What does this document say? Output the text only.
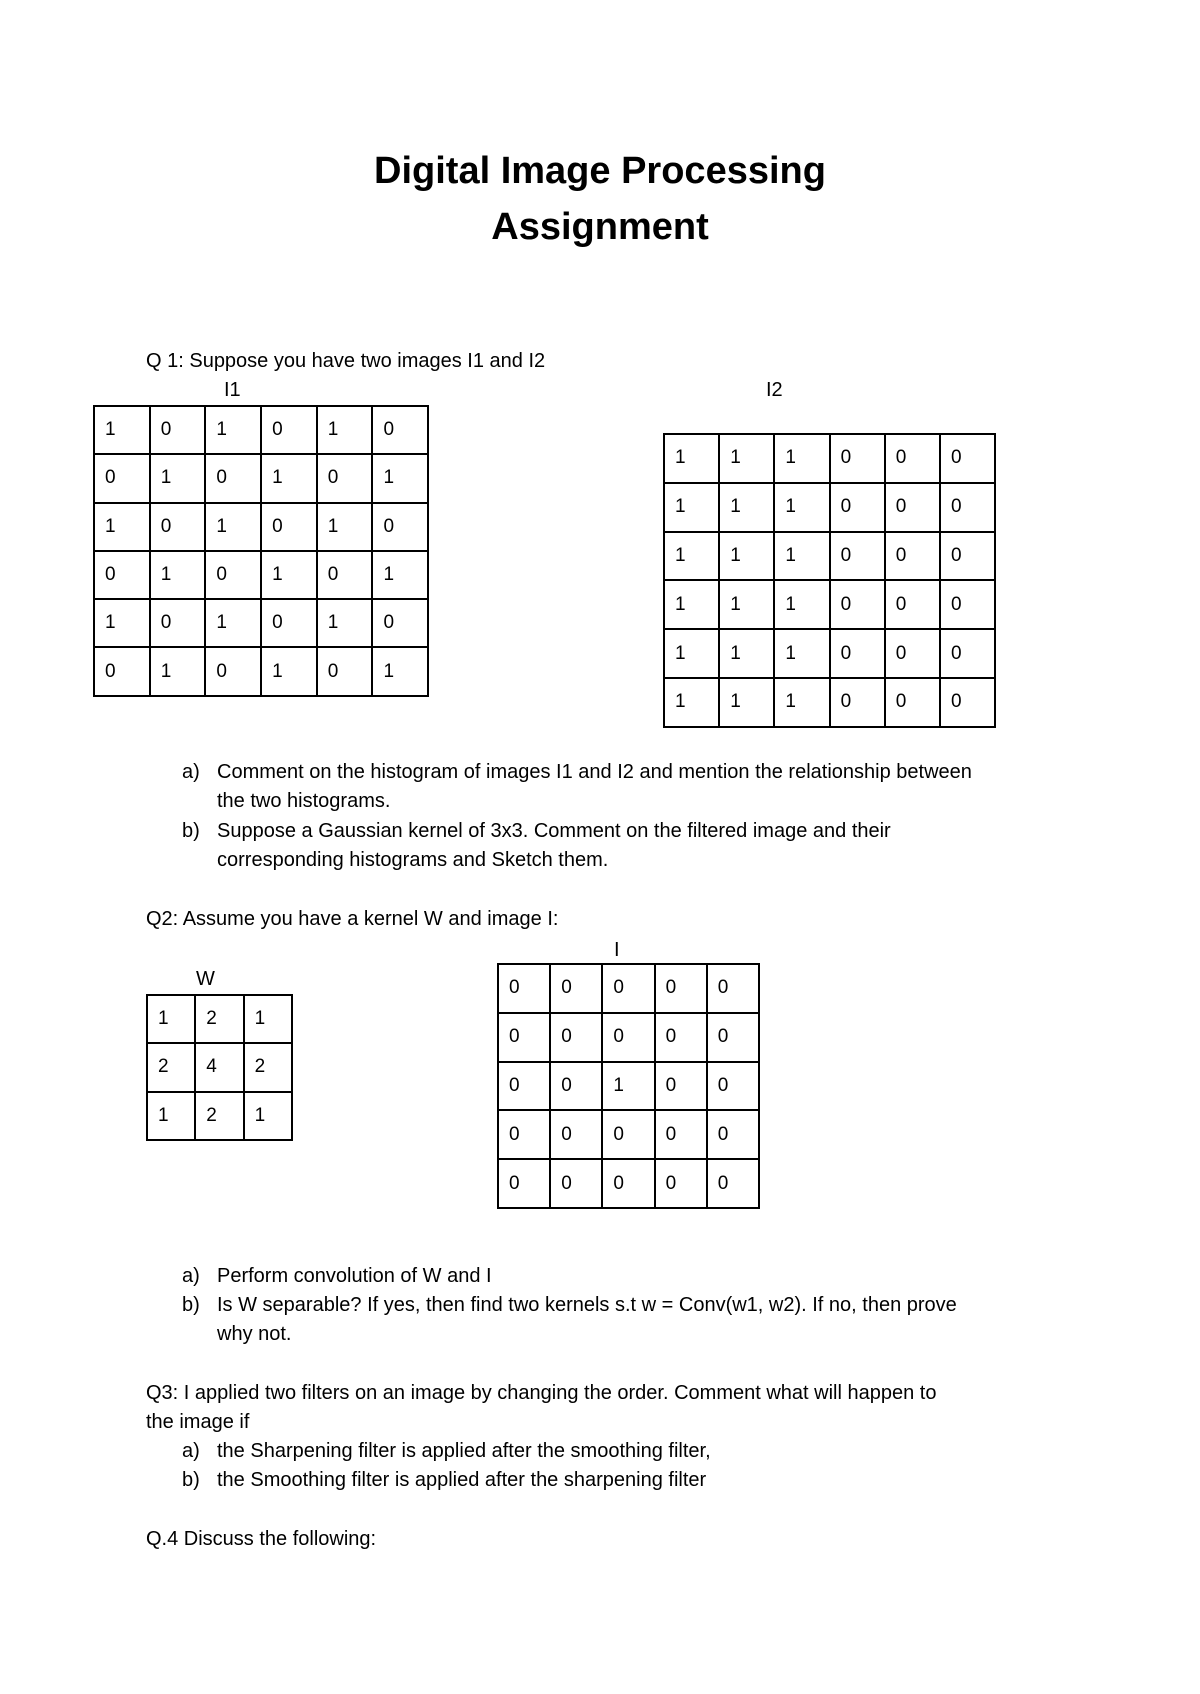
Digital Image Processing
Assignment
Q 1: Suppose you have two images I1 and I2
I1	I2
1	0	1	0	1	0
0	1	0	1	0	1
1	0	1	0	1	0
0	1	0	1	0	1
1	0	1	0	1	0
0	1	0	1	0	1
1	1	1	0	0	0
1	1	1	0	0	0
1	1	1	0	0	0
1	1	1	0	0	0
1	1	1	0	0	0
1	1	1	0	0	0
a) Comment on the histogram of images I1 and I2 and mention the relationship between
the two histograms.
b) Suppose a Gaussian kernel of 3x3. Comment on the filtered image and their
corresponding histograms and Sketch them.
Q2: Assume you have a kernel W and image I:
W
I
1	2	1
2	4	2
1	2	1
0	0	0	0	0
0	0	0	0	0
0	0	1	0	0
0	0	0	0	0
0	0	0	0	0
a) Perform convolution of W and I
b) Is W separable? If yes, then find two kernels s.t w = Conv(w1, w2). If no, then prove
why not.
Q3: I applied two filters on an image by changing the order. Comment what will happen to
the image if
a) the Sharpening filter is applied after the smoothing filter,
b) the Smoothing filter is applied after the sharpening filter
Q.4 Discuss the following:
